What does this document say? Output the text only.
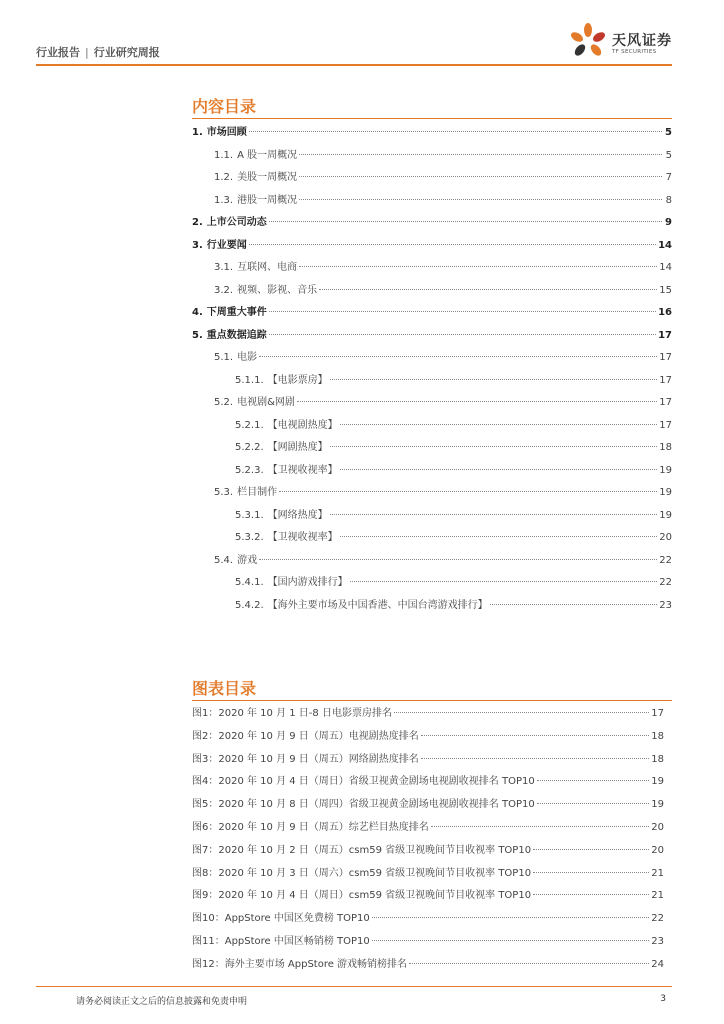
行业报告 | 行业研究周报
天风证券
TF SECURITIES
内容目录
1. 市场回顾	5
1.1. A 股一周概况	5
1.2. 美股一周概况	7
1.3. 港股一周概况	8
2. 上市公司动态	9
3. 行业要闻	14
3.1. 互联网、电商	14
3.2. 视频、影视、音乐	15
4. 下周重大事件	16
5. 重点数据追踪	17
5.1. 电影	17
5.1.1. 【电影票房】	17
5.2. 电视剧&网剧	17
5.2.1. 【电视剧热度】	17
5.2.2. 【网剧热度】	18
5.2.3. 【卫视收视率】	19
5.3. 栏目制作	19
5.3.1. 【网络热度】	19
5.3.2. 【卫视收视率】	20
5.4. 游戏	22
5.4.1. 【国内游戏排行】	22
5.4.2. 【海外主要市场及中国香港、中国台湾游戏排行】	23
图表目录
图1：2020 年 10 月 1 日-8 日电影票房排名	17
图2：2020 年 10 月 9 日（周五）电视剧热度排名	18
图3：2020 年 10 月 9 日（周五）网络剧热度排名	18
图4：2020 年 10 月 4 日（周日）省级卫视黄金剧场电视剧收视排名 TOP10	19
图5：2020 年 10 月 8 日（周四）省级卫视黄金剧场电视剧收视排名 TOP10	19
图6：2020 年 10 月 9 日（周五）综艺栏目热度排名	20
图7：2020 年 10 月 2 日（周五）csm59 省级卫视晚间节目收视率 TOP10	20
图8：2020 年 10 月 3 日（周六）csm59 省级卫视晚间节目收视率 TOP10	21
图9：2020 年 10 月 4 日（周日）csm59 省级卫视晚间节目收视率 TOP10	21
图10：AppStore 中国区免费榜 TOP10	22
图11：AppStore 中国区畅销榜 TOP10	23
图12：海外主要市场 AppStore 游戏畅销榜排名	24
请务必阅读正文之后的信息披露和免责申明	3
